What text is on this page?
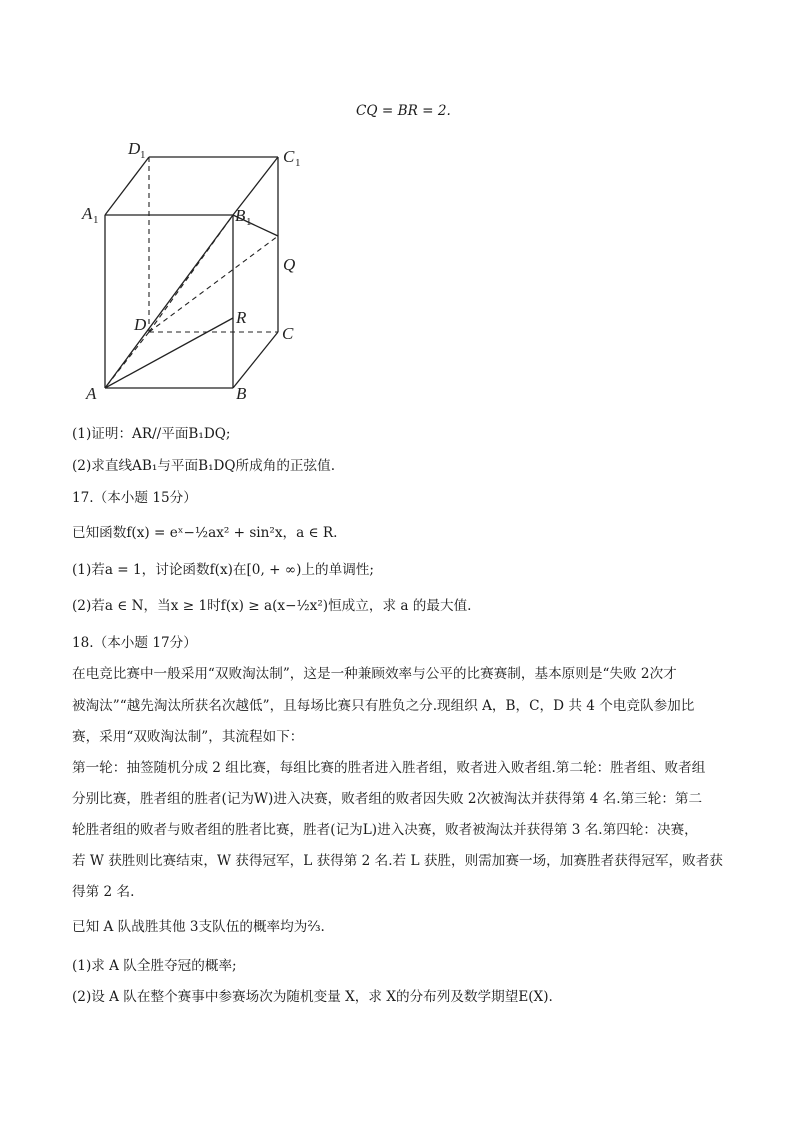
CQ = BR = 2.
D 1	C 1
A 1	B 1
Q
D	R
C
A	B
(1)证明：AR//平面B₁DQ;
(2)求直线AB₁与平面B₁DQ所成角的正弦值.
17.（本小题 15分）
已知函数f(x) = eˣ−½ax² + sin²x，a ∈ R.
(1)若a = 1，讨论函数f(x)在[0, + ∞)上的单调性;
(2)若a ∈ N，当x ≥ 1时f(x) ≥ a(x−½x²)恒成立，求 a 的最大值.
18.（本小题 17分）
在电竞比赛中一般采用“双败淘汰制”，这是一种兼顾效率与公平的比赛赛制，基本原则是“失败 2次才
被淘汰”“越先淘汰所获名次越低”，且每场比赛只有胜负之分.现组织 A，B，C，D 共 4 个电竞队参加比
赛，采用“双败淘汰制”，其流程如下：
第一轮：抽签随机分成 2 组比赛，每组比赛的胜者进入胜者组，败者进入败者组.第二轮：胜者组、败者组
分别比赛，胜者组的胜者(记为W)进入决赛，败者组的败者因失败 2次被淘汰并获得第 4 名.第三轮：第二
轮胜者组的败者与败者组的胜者比赛，胜者(记为L)进入决赛，败者被淘汰并获得第 3 名.第四轮：决赛，
若 W 获胜则比赛结束，W 获得冠军，L 获得第 2 名.若 L 获胜，则需加赛一场，加赛胜者获得冠军，败者获
得第 2 名.
已知 A 队战胜其他 3支队伍的概率均为⅔.
(1)求 A 队全胜夺冠的概率;
(2)设 A 队在整个赛事中参赛场次为随机变量 X，求 X的分布列及数学期望E(X).
